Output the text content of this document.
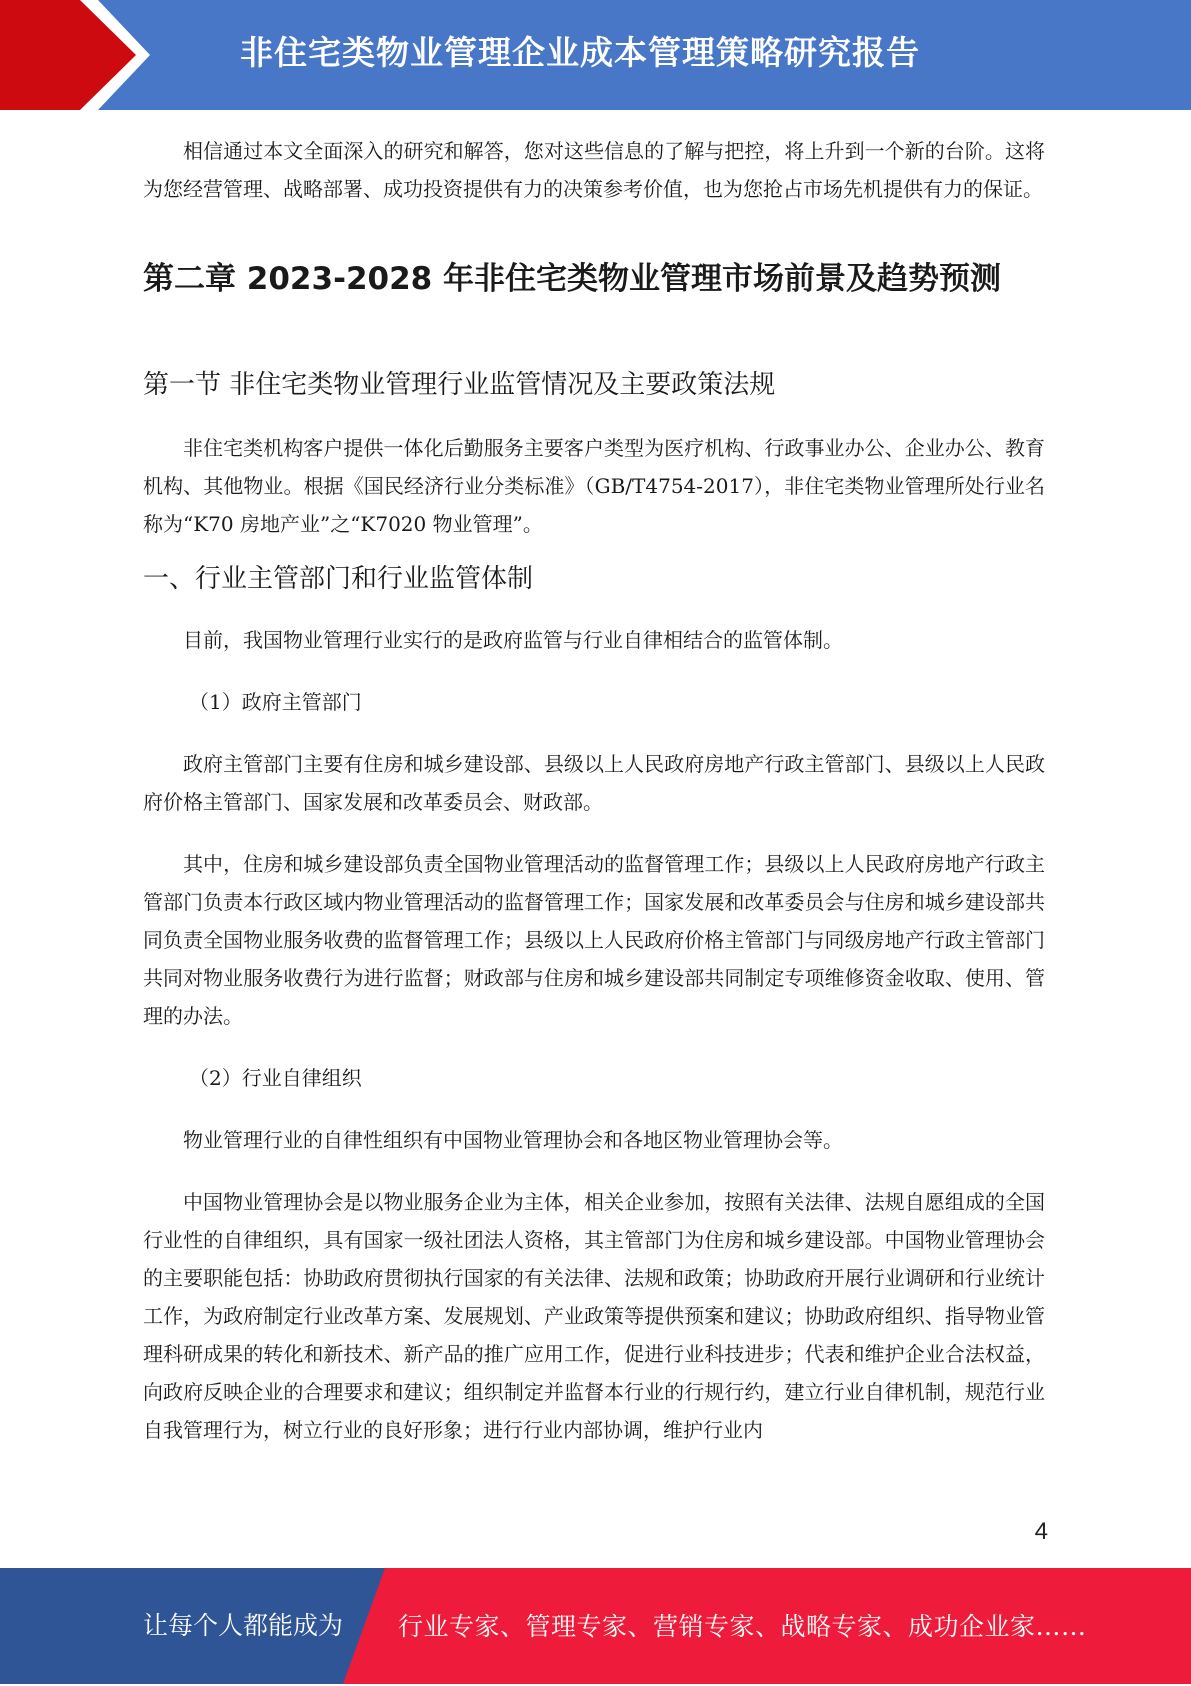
非住宅类物业管理企业成本管理策略研究报告

相信通过本文全面深入的研究和解答，您对这些信息的了解与把控，将上升到一个新的台阶。这将为您经营管理、战略部署、成功投资提供有力的决策参考价值，也为您抢占市场先机提供有力的保证。

第二章 2023-2028 年非住宅类物业管理市场前景及趋势预测
第一节 非住宅类物业管理行业监管情况及主要政策法规

非住宅类机构客户提供一体化后勤服务主要客户类型为医疗机构、行政事业办公、企业办公、教育机构、其他物业。根据《国民经济行业分类标准》（GB/T4754-2017），非住宅类物业管理所处行业名称为“K70 房地产业”之“K7020 物业管理”。

一、行业主管部门和行业监管体制

目前，我国物业管理行业实行的是政府监管与行业自律相结合的监管体制。

（1）政府主管部门

政府主管部门主要有住房和城乡建设部、县级以上人民政府房地产行政主管部门、县级以上人民政府价格主管部门、国家发展和改革委员会、财政部。

其中，住房和城乡建设部负责全国物业管理活动的监督管理工作；县级以上人民政府房地产行政主管部门负责本行政区域内物业管理活动的监督管理工作；国家发展和改革委员会与住房和城乡建设部共同负责全国物业服务收费的监督管理工作；县级以上人民政府价格主管部门与同级房地产行政主管部门共同对物业服务收费行为进行监督；财政部与住房和城乡建设部共同制定专项维修资金收取、使用、管理的办法。

（2）行业自律组织

物业管理行业的自律性组织有中国物业管理协会和各地区物业管理协会等。

中国物业管理协会是以物业服务企业为主体，相关企业参加，按照有关法律、法规自愿组成的全国行业性的自律组织，具有国家一级社团法人资格，其主管部门为住房和城乡建设部。中国物业管理协会的主要职能包括：协助政府贯彻执行国家的有关法律、法规和政策；协助政府开展行业调研和行业统计工作，为政府制定行业改革方案、发展规划、产业政策等提供预案和建议；协助政府组织、指导物业管理科研成果的转化和新技术、新产品的推广应用工作，促进行业科技进步；代表和维护企业合法权益，向政府反映企业的合理要求和建议；组织制定并监督本行业的行规行约，建立行业自律机制，规范行业自我管理行为，树立行业的良好形象；进行行业内部协调，维护行业内

4
让每个人都能成为 行业专家、管理专家、营销专家、战略专家、成功企业家……
